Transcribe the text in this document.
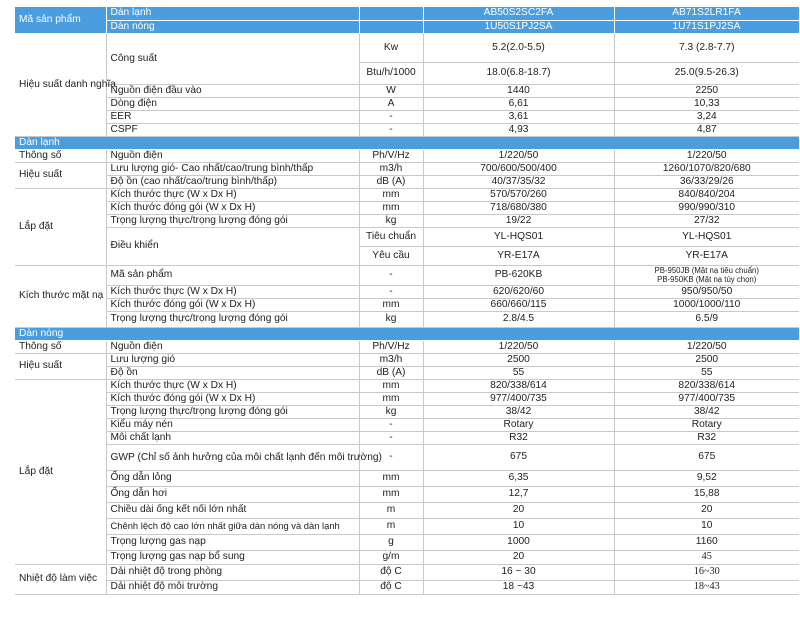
Mã sản phẩm	Dàn lạnh		AB50S2SC2FA	AB71S2LR1FA
	Dàn nóng		1U50S1PJ2SA	1U71S1PJ2SA
Hiệu suất danh nghĩa	Công suất	Kw	5.2(2.0-5.5)	7.3 (2.8-7.7)
		Btu/h/1000	18.0(6.8-18.7)	25.0(9.5-26.3)
	Nguồn điện đầu vào	W	1440	2250
	Dòng điện	A	6,61	10,33
	EER	-	3,61	3,24
	CSPF	-	4,93	4,87
Dàn lạnh				
Thông số	Nguồn điện	Ph/V/Hz	1/220/50	1/220/50
Hiệu suất	Lưu lượng gió- Cao nhất/cao/trung bình/thấp	m3/h	700/600/500/400	1260/1070/820/680
	Độ ồn (cao nhất/cao/trung bình/thấp)	dB (A)	40/37/35/32	36/33/29/26
Lắp đặt	Kích thước thực (W x Dx H)	mm	570/570/260	840/840/204
	Kích thước đóng gói (W x Dx H)	mm	718/680/380	990/990/310
	Trọng lượng thực/trọng lượng đóng gói	kg	19/22	27/32
	Điều khiển	Tiêu chuẩn	YL-HQS01	YL-HQS01
		Yêu cầu	YR-E17A	YR-E17A
Kích thước mặt nạ	Mã sản phẩm	-	PB-620KB	PB-950JB (Mặt nạ tiêu chuẩn)
PB-950KB (Mặt nạ tùy chọn)

	Kích thước thực (W x Dx H)	-	620/620/60	950/950/50
	Kích thước đóng gói (W x Dx H)	mm	660/660/115	1000/1000/110
	Trọng lượng thực/trọng lượng đóng gói	kg	2.8/4.5	6.5/9
Dàn nóng				
Thông số	Nguồn điện	Ph/V/Hz	1/220/50	1/220/50
Hiệu suất	Lưu lượng gió	m3/h	2500	2500
	Độ ồn	dB (A)	55	55
Lắp đặt	Kích thước thực (W x Dx H)	mm	820/338/614	820/338/614
	Kích thước đóng gói (W x Dx H)	mm	977/400/735	977/400/735
	Trọng lượng thực/trọng lượng đóng gói	kg	38/42	38/42
	Kiểu máy nén	-	Rotary	Rotary
	Môi chất lạnh	-	R32	R32
	GWP (Chỉ số ảnh hưởng của môi chất lạnh đến môi trường)	-	675	675
	Ống dẫn lỏng	mm	6,35	9,52
	Ống dẫn hơi	mm	12,7	15,88
	Chiều dài ống kết nối lớn nhất	m	20	20
	Chênh lệch độ cao lớn nhất giữa dàn nóng và dàn lạnh	m	10	10
	Trọng lượng gas nạp	g	1000	1160
	Trọng lượng gas nạp bổ sung	g/m	20	45
Nhiệt độ làm việc	Dải nhiệt độ trong phòng	độ C	16 ~ 30	16~30
	Dải nhiệt độ môi trường	độ C	18 ~43	18~43
